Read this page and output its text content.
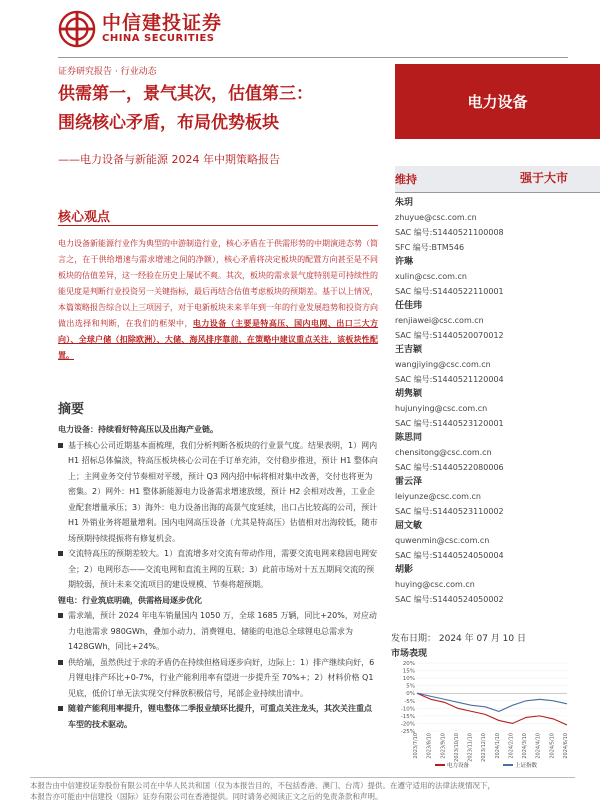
中信建投证券
CHINA SECURITIES
证券研究报告 · 行业动态
供需第一，景气其次，估值第三：
围绕核心矛盾，布局优势板块
——电力设备与新能源 2024 年中期策略报告
电力设备
维持	强于大市
朱玥
zhuyue@csc.com.cn
SAC 编号:S1440521100008
SFC 编号:BTM546
许琳
xulin@csc.com.cn
SAC 编号:S1440522110001
任佳玮
renjiawei@csc.com.cn
SAC 编号:S1440520070012
王吉颖
wangjiying@csc.com.cn
SAC 编号:S1440521120004
胡隽颖
hujunying@csc.com.cn
SAC 编号:S1440523120001
陈思同
chensitong@csc.com.cn
SAC 编号:S1440522080006
雷云泽
leiyunze@csc.com.cn
SAC 编号:S1440523110002
屈文敏
quwenmin@csc.com.cn
SAC 编号:S1440524050004
胡影
huying@csc.com.cn
SAC 编号:S1440524050002
发布日期： 2024 年 07 月 10 日
市场表现
20%
15%
10%
5%
0%
-5%
-10%
-15%
-20%
-25%
2023/7/10 2023/8/10 2023/9/10 2023/10/10 2023/11/10 2023/12/10 2024/1/10 2024/2/10 2024/3/10 2024/4/10 2024/5/10 2024/6/10
电力设备	上证指数
核心观点
电力设备新能源行业作为典型的中游制造行业，核心矛盾在于供需形势的中期演进态势（简言之，在于供给增速与需求增速之间的净额），核心矛盾将决定板块的配置方向甚至是不同板块的估值差异，这一经验在历史上屡试不爽。其次，板块的需求景气度特别是可持续性的能见度是判断行业投资另一关键指标，最后再结合估值考虑板块的预期差。基于以上情况，本篇策略报告综合以上三项因子，对于电新板块未来半年到一年的行业发展趋势和投资方向做出选择和判断，在我们的框架中，电力设备（主要是特高压、国内电网、出口三大方向）、全球户储（扣除欧洲）、大储、海风排序靠前，在策略中建议重点关注，该板块性配置。
摘要
电力设备：持续看好特高压以及出海产业链。
基于核心公司近期基本面梳理，我们分析判断各板块的行业景气度。结果表明，1）网内 H1 招标总体偏淡，特高压板块核心公司在手订单充沛，交付稳步推进，预计 H1 整体向上；主网业务交付节奏相对平缓，预计 Q3 网内招中标将相对集中改善，交付也将更为密集。2）网外：H1 整体新能源电力设备需求增速放缓，预计 H2 会相对改善，工业企业配套增量承压；3）海外：电力设备出海的高景气度延续，出口占比较高的公司，预计 H1 外销业务将超量增利。国内电网高压设备（尤其是特高压）估值相对出海较低，随市场预期持续提振将有修复机会。
交流特高压的预期差较大。1）直流增多对交流有带动作用，需要交流电网来稳固电网安全；2）电网形态——交流电网和直流主网的互联；3）此前市场对十五五期间交流的预期较弱，预计未来交流项目的建设规模、节奏将超预期。
锂电：行业筑底明确，供需格局逐步优化
需求端，预计 2024 年电车销量国内 1050 万，全球 1685 万辆，同比+20%，对应动力电池需求 980GWh，叠加小动力、消费锂电、储能的电池总全球锂电总需求为 1428GWh，同比+24%。
供给端，虽然供过于求的矛盾仍在持续但格局逐步向好，边际上：1）排产继续向好，6 月锂电排产环比+0-7%，行业产能利用率有望进一步提升至 70%+；2）材料价格 Q1 见底，低价订单无法实现交付释放积极信号，尾部企业持续出清中。
随着产能利用率提升，锂电整体二季报业绩环比提升，可重点关注龙头，其次关注重点车型的技术驱动。
本报告由中信建投证券股份有限公司在中华人民共和国（仅为本报告目的，不包括香港、澳门、台湾）提供。在遵守适用的法律法规情况下，
本报告亦可能由中信建投（国际）证券有限公司在香港提供。同时请务必阅读正文之后的免责条款和声明。
